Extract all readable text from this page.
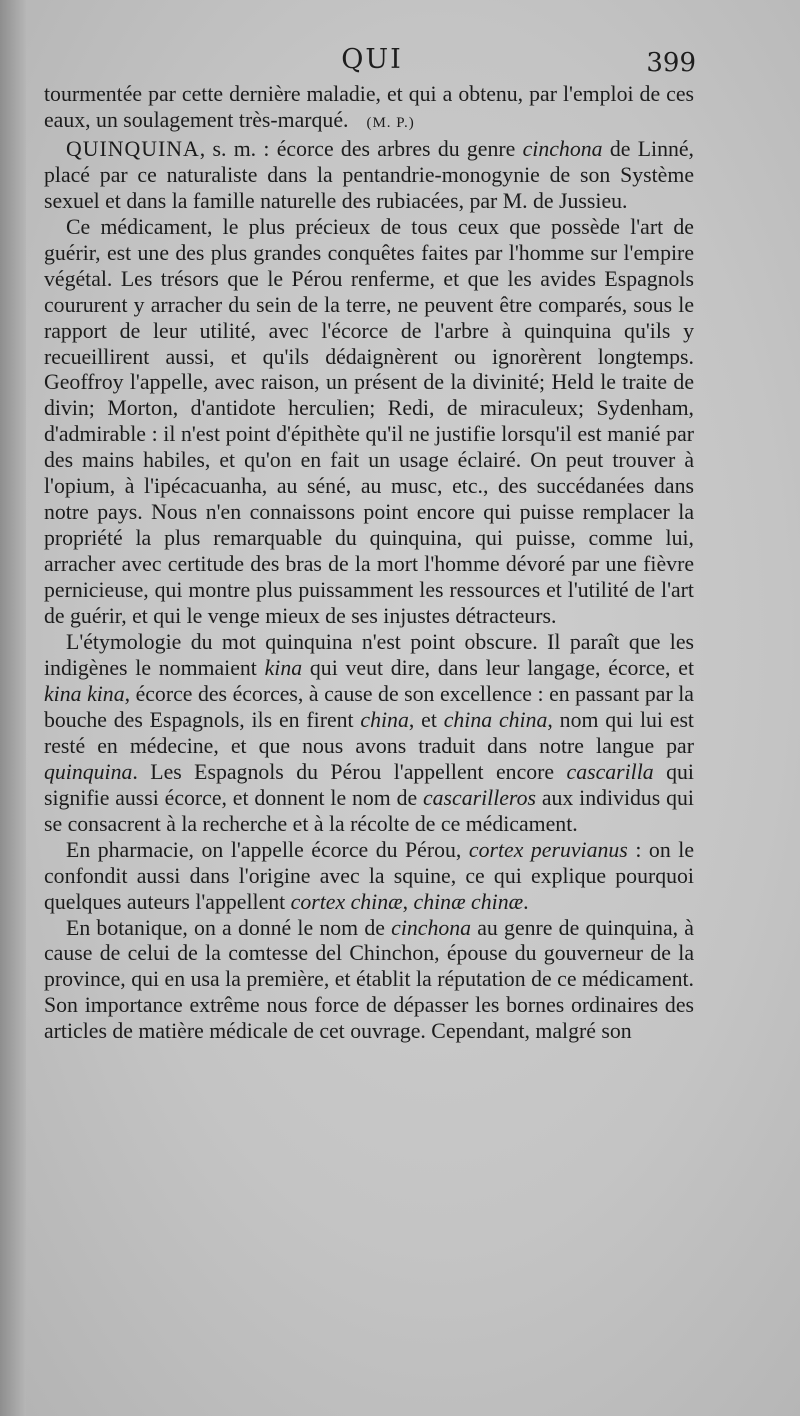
QUI	399

tourmentée par cette dernière maladie, et qui a obtenu, par l'emploi de ces eaux, un soulagement très-marqué. (M. P.)

QUINQUINA, s. m. : écorce des arbres du genre cinchona de Linné, placé par ce naturaliste dans la pentandrie-monogynie de son Système sexuel et dans la famille naturelle des rubiacées, par M. de Jussieu.

Ce médicament, le plus précieux de tous ceux que possède l'art de guérir, est une des plus grandes conquêtes faites par l'homme sur l'empire végétal. Les trésors que le Pérou renferme, et que les avides Espagnols coururent y arracher du sein de la terre, ne peuvent être comparés, sous le rapport de leur utilité, avec l'écorce de l'arbre à quinquina qu'ils y recueillirent aussi, et qu'ils dédaignèrent ou ignorèrent longtemps. Geoffroy l'appelle, avec raison, un présent de la divinité; Held le traite de divin; Morton, d'antidote herculien; Redi, de miraculeux; Sydenham, d'admirable : il n'est point d'épithète qu'il ne justifie lorsqu'il est manié par des mains habiles, et qu'on en fait un usage éclairé. On peut trouver à l'opium, à l'ipécacuanha, au séné, au musc, etc., des succédanées dans notre pays. Nous n'en connaissons point encore qui puisse remplacer la propriété la plus remarquable du quinquina, qui puisse, comme lui, arracher avec certitude des bras de la mort l'homme dévoré par une fièvre pernicieuse, qui montre plus puissamment les ressources et l'utilité de l'art de guérir, et qui le venge mieux de ses injustes détracteurs.

L'étymologie du mot quinquina n'est point obscure. Il paraît que les indigènes le nommaient kina qui veut dire, dans leur langage, écorce, et kina kina, écorce des écorces, à cause de son excellence : en passant par la bouche des Espagnols, ils en firent china, et china china, nom qui lui est resté en médecine, et que nous avons traduit dans notre langue par quinquina. Les Espagnols du Pérou l'appellent encore cascarilla qui signifie aussi écorce, et donnent le nom de cascarilleros aux individus qui se consacrent à la recherche et à la récolte de ce médicament.

En pharmacie, on l'appelle écorce du Pérou, cortex peruvianus : on le confondit aussi dans l'origine avec la squine, ce qui explique pourquoi quelques auteurs l'appellent cortex chinæ, chinæ chinæ.

En botanique, on a donné le nom de cinchona au genre de quinquina, à cause de celui de la comtesse del Chinchon, épouse du gouverneur de la province, qui en usa la première, et établit la réputation de ce médicament. Son importance extrême nous force de dépasser les bornes ordinaires des articles de matière médicale de cet ouvrage. Cependant, malgré son
